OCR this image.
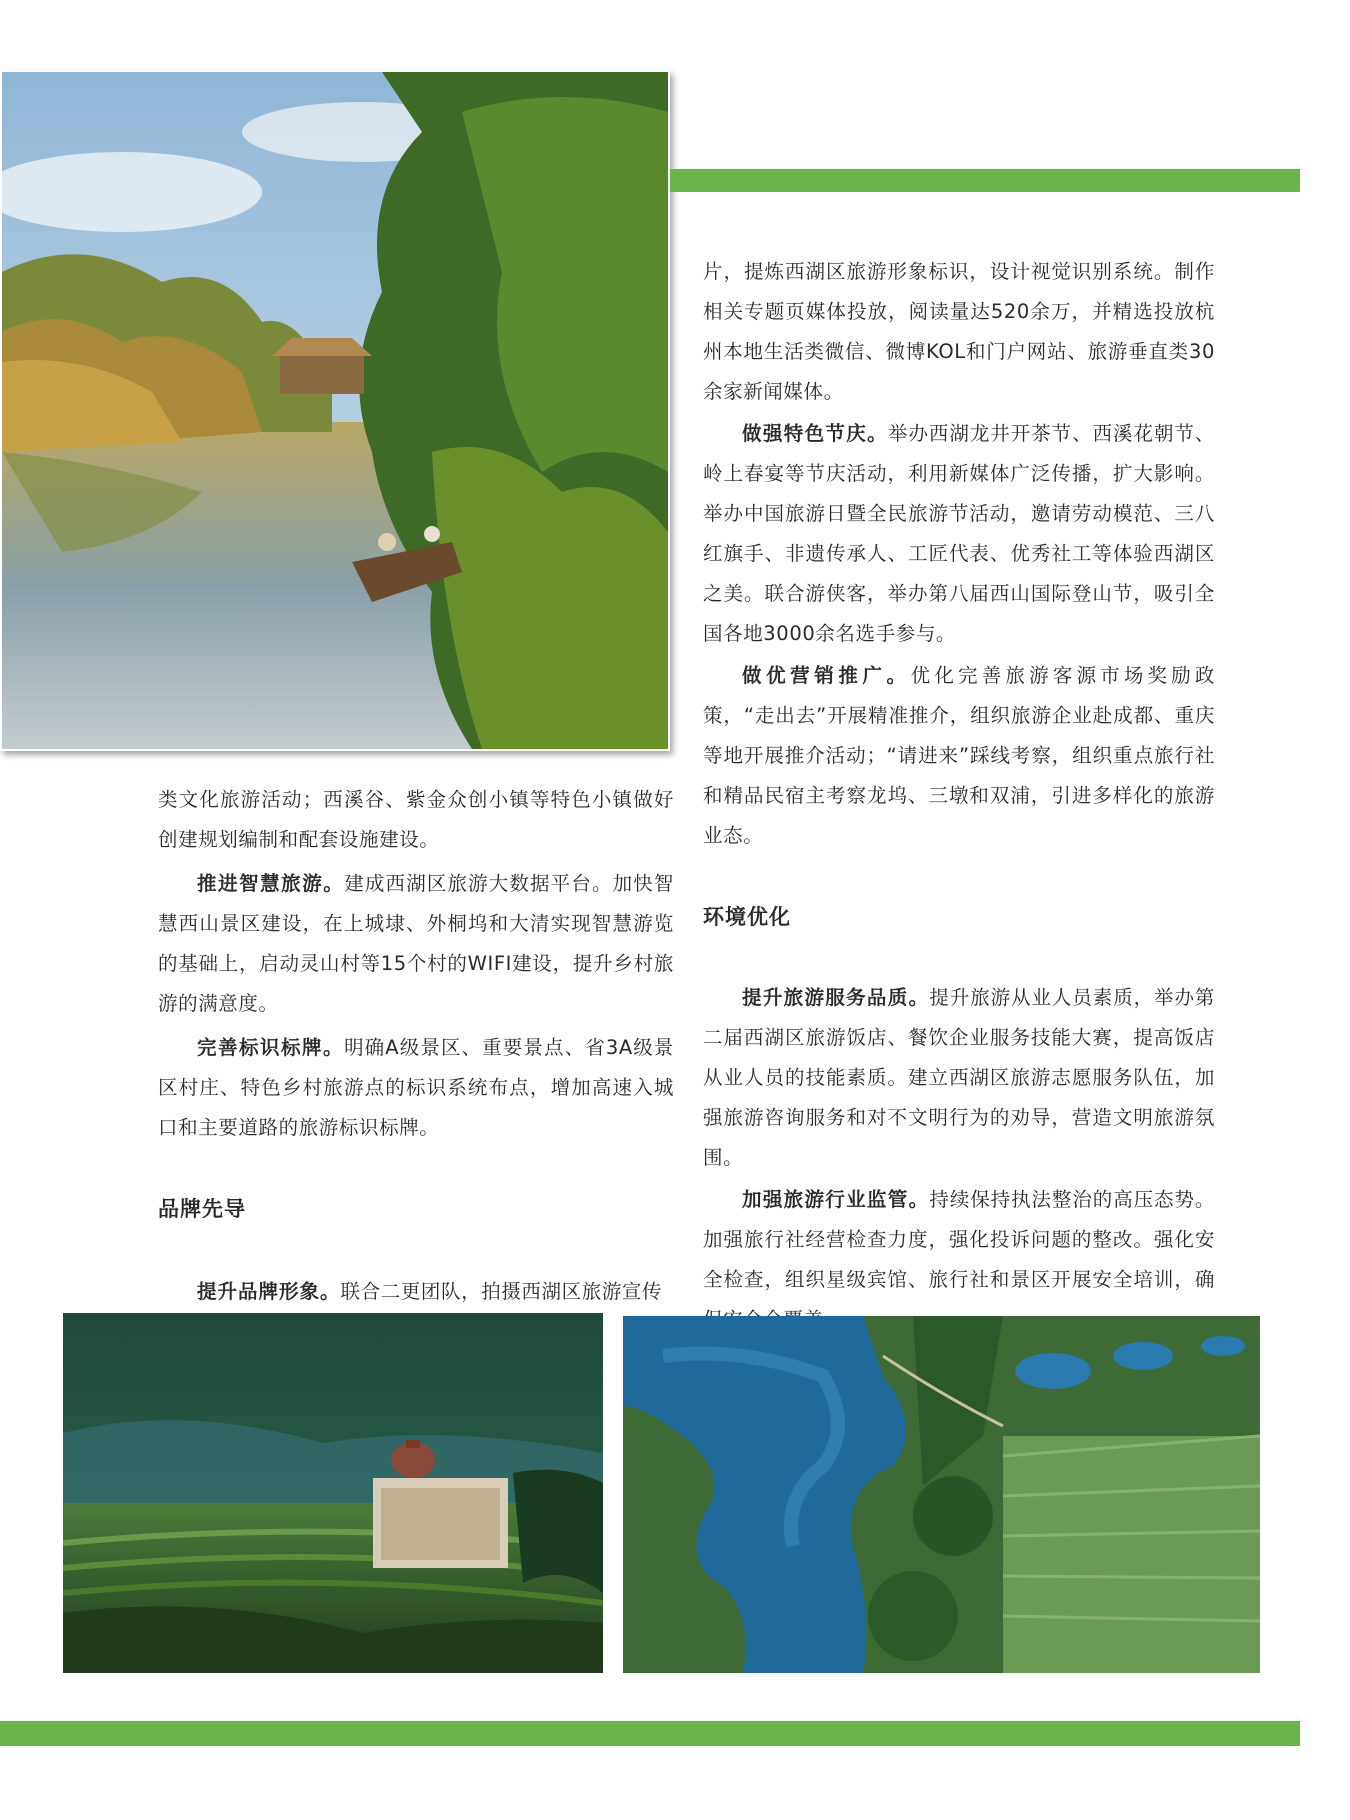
类文化旅游活动；西溪谷、紫金众创小镇等特色小镇做好创建规划编制和配套设施建设。

推进智慧旅游。建成西湖区旅游大数据平台。加快智慧西山景区建设，在上城埭、外桐坞和大清实现智慧游览的基础上，启动灵山村等15个村的WIFI建设，提升乡村旅游的满意度。

完善标识标牌。明确A级景区、重要景点、省3A级景区村庄、特色乡村旅游点的标识系统布点，增加高速入城口和主要道路的旅游标识标牌。

品牌先导

提升品牌形象。联合二更团队，拍摄西湖区旅游宣传

片，提炼西湖区旅游形象标识，设计视觉识别系统。制作相关专题页媒体投放，阅读量达520余万，并精选投放杭州本地生活类微信、微博KOL和门户网站、旅游垂直类30余家新闻媒体。

做强特色节庆。举办西湖龙井开茶节、西溪花朝节、岭上春宴等节庆活动，利用新媒体广泛传播，扩大影响。举办中国旅游日暨全民旅游节活动，邀请劳动模范、三八红旗手、非遗传承人、工匠代表、优秀社工等体验西湖区之美。联合游侠客，举办第八届西山国际登山节，吸引全国各地3000余名选手参与。

做优营销推广。优化完善旅游客源市场奖励政策，“走出去”开展精准推介，组织旅游企业赴成都、重庆等地开展推介活动；“请进来”踩线考察，组织重点旅行社和精品民宿主考察龙坞、三墩和双浦，引进多样化的旅游业态。

环境优化

提升旅游服务品质。提升旅游从业人员素质，举办第二届西湖区旅游饭店、餐饮企业服务技能大赛，提高饭店从业人员的技能素质。建立西湖区旅游志愿服务队伍，加强旅游咨询服务和对不文明行为的劝导，营造文明旅游氛围。

加强旅游行业监管。持续保持执法整治的高压态势。加强旅行社经营检查力度，强化投诉问题的整改。强化安全检查，组织星级宾馆、旅行社和景区开展安全培训，确
